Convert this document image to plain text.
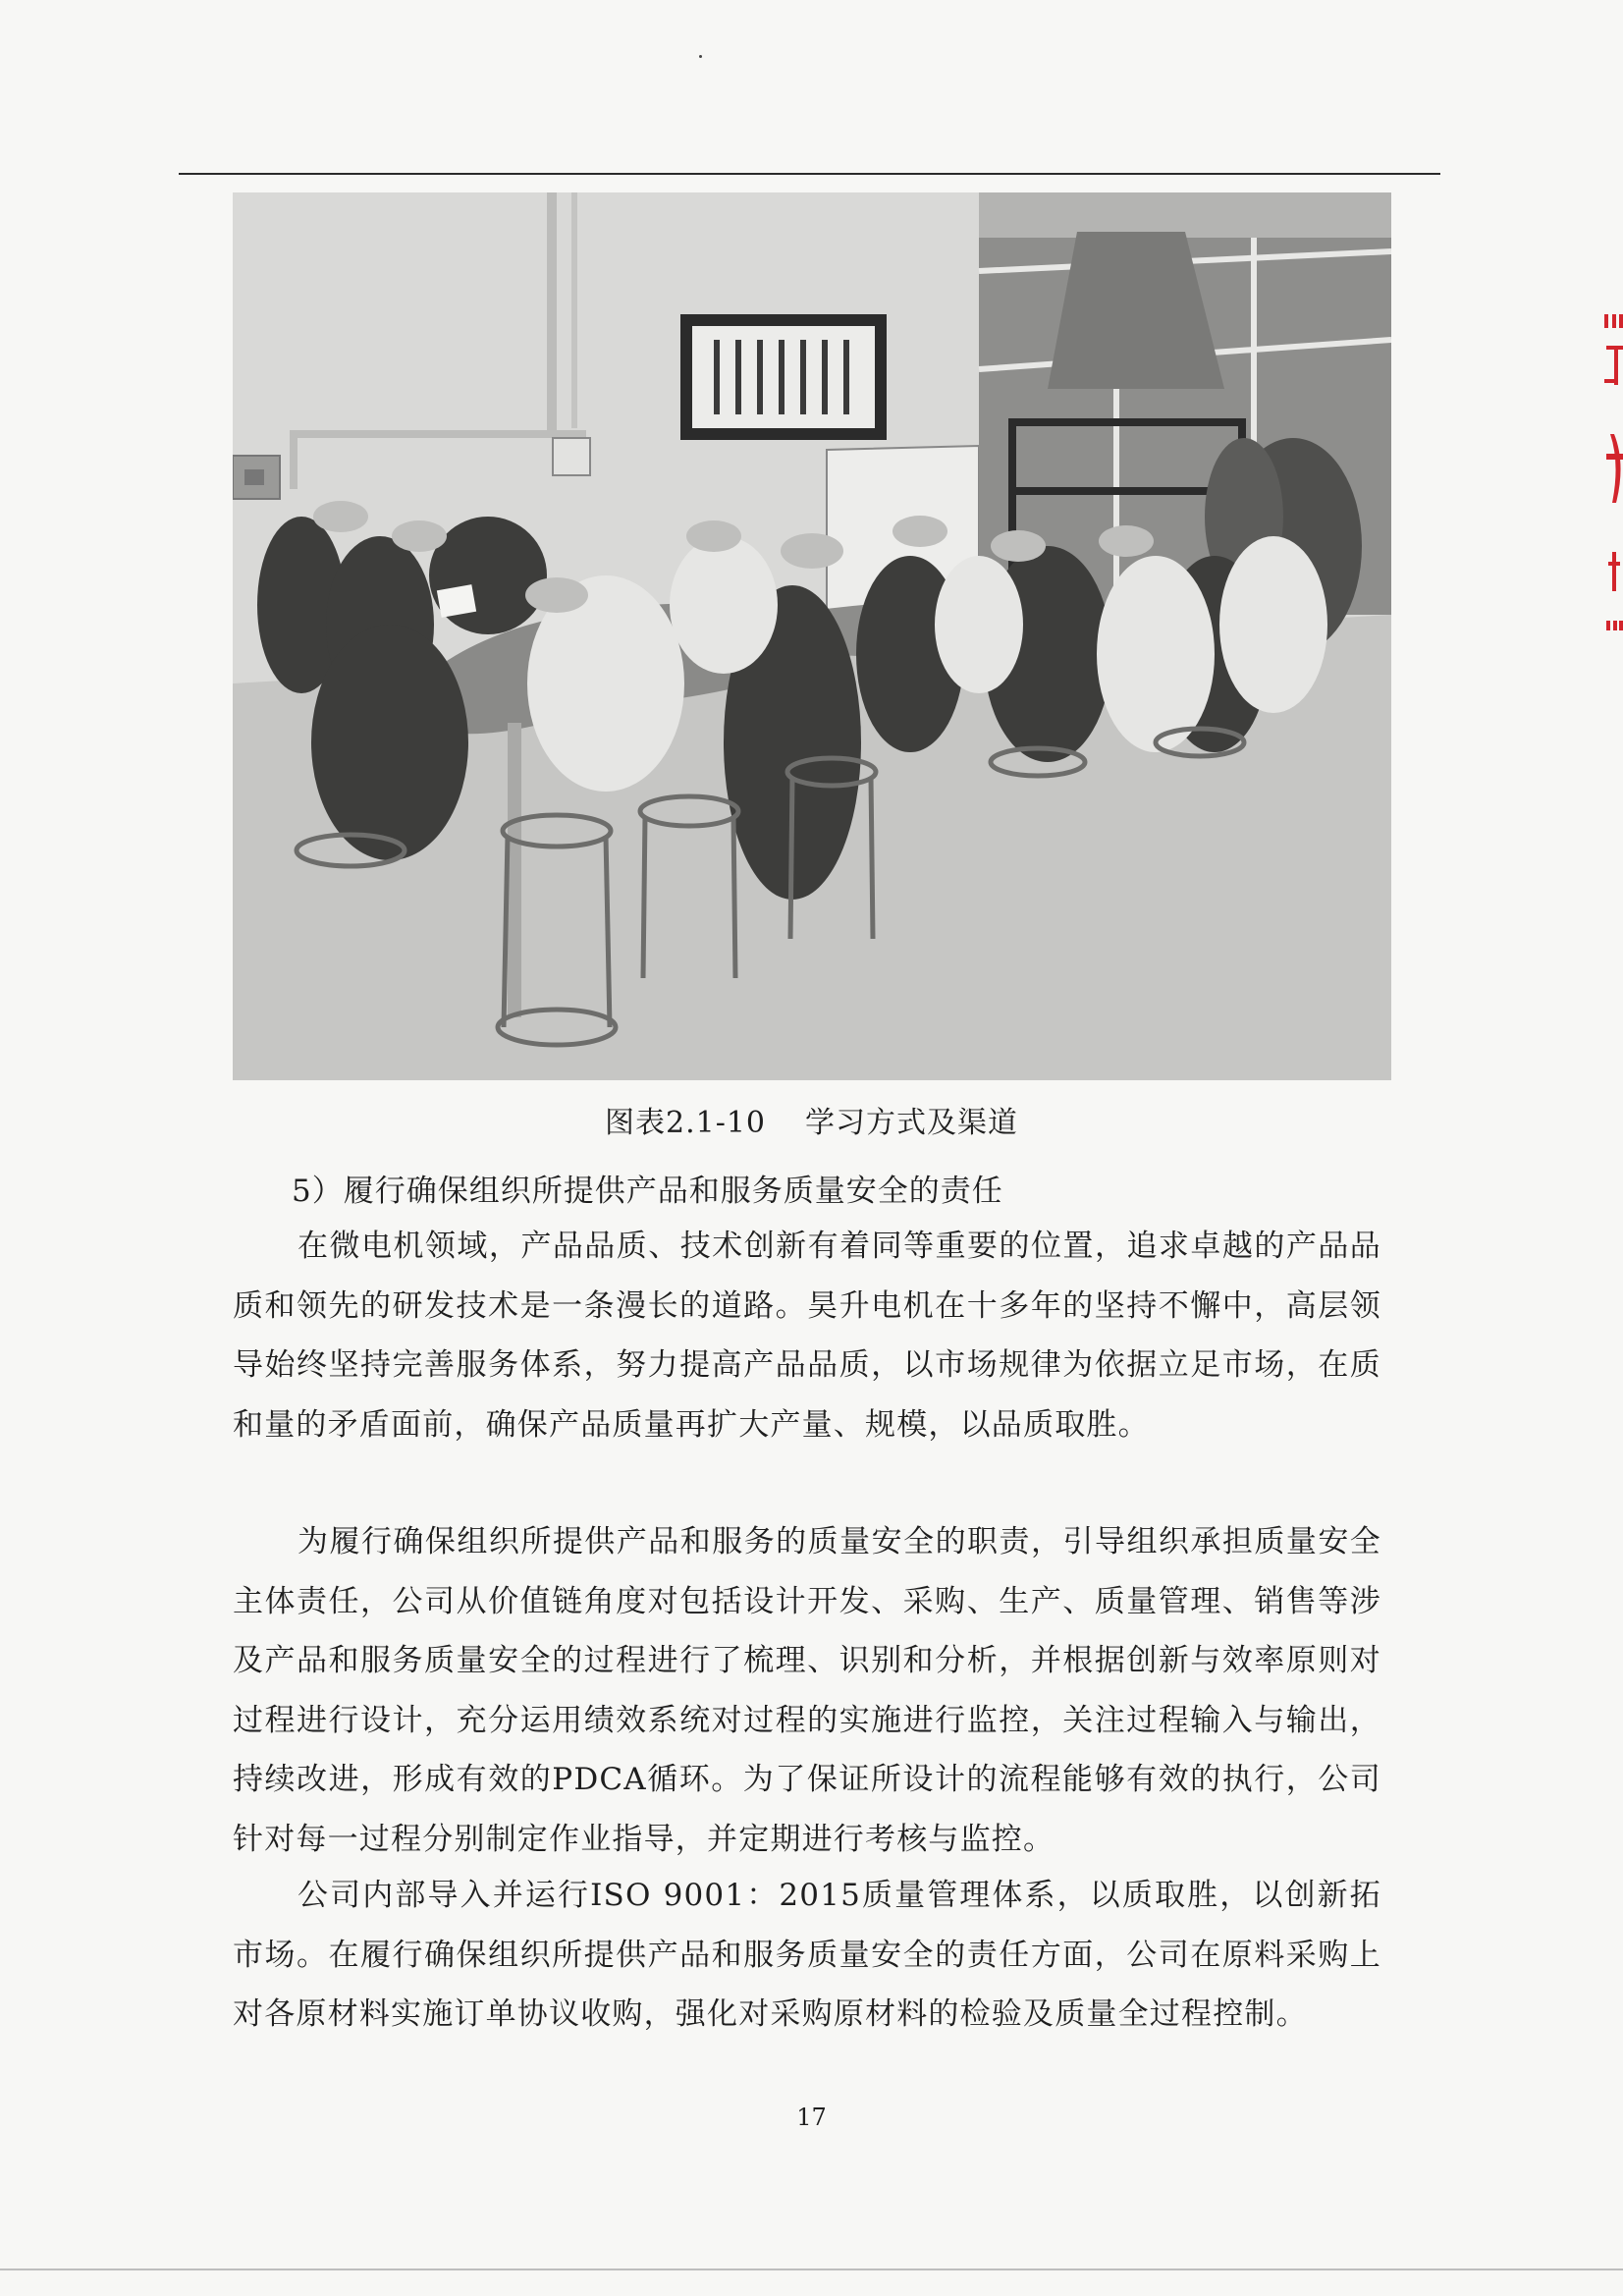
图表2.1-10 学习方式及渠道
5）履行确保组织所提供产品和服务质量安全的责任
在微电机领域，产品品质、技术创新有着同等重要的位置，追求卓越的产品品质和领先的研发技术是一条漫长的道路。昊升电机在十多年的坚持不懈中，高层领导始终坚持完善服务体系，努力提高产品品质，以市场规律为依据立足市场，在质和量的矛盾面前，确保产品质量再扩大产量、规模，以品质取胜。
为履行确保组织所提供产品和服务的质量安全的职责，引导组织承担质量安全主体责任，公司从价值链角度对包括设计开发、采购、生产、质量管理、销售等涉及产品和服务质量安全的过程进行了梳理、识别和分析，并根据创新与效率原则对过程进行设计，充分运用绩效系统对过程的实施进行监控，关注过程输入与输出，持续改进，形成有效的PDCA循环。为了保证所设计的流程能够有效的执行，公司针对每一过程分别制定作业指导，并定期进行考核与监控。
公司内部导入并运行ISO 9001：2015质量管理体系，以质取胜，以创新拓市场。在履行确保组织所提供产品和服务质量安全的责任方面，公司在原料采购上对各原材料实施订单协议收购，强化对采购原材料的检验及质量全过程控制。
17
